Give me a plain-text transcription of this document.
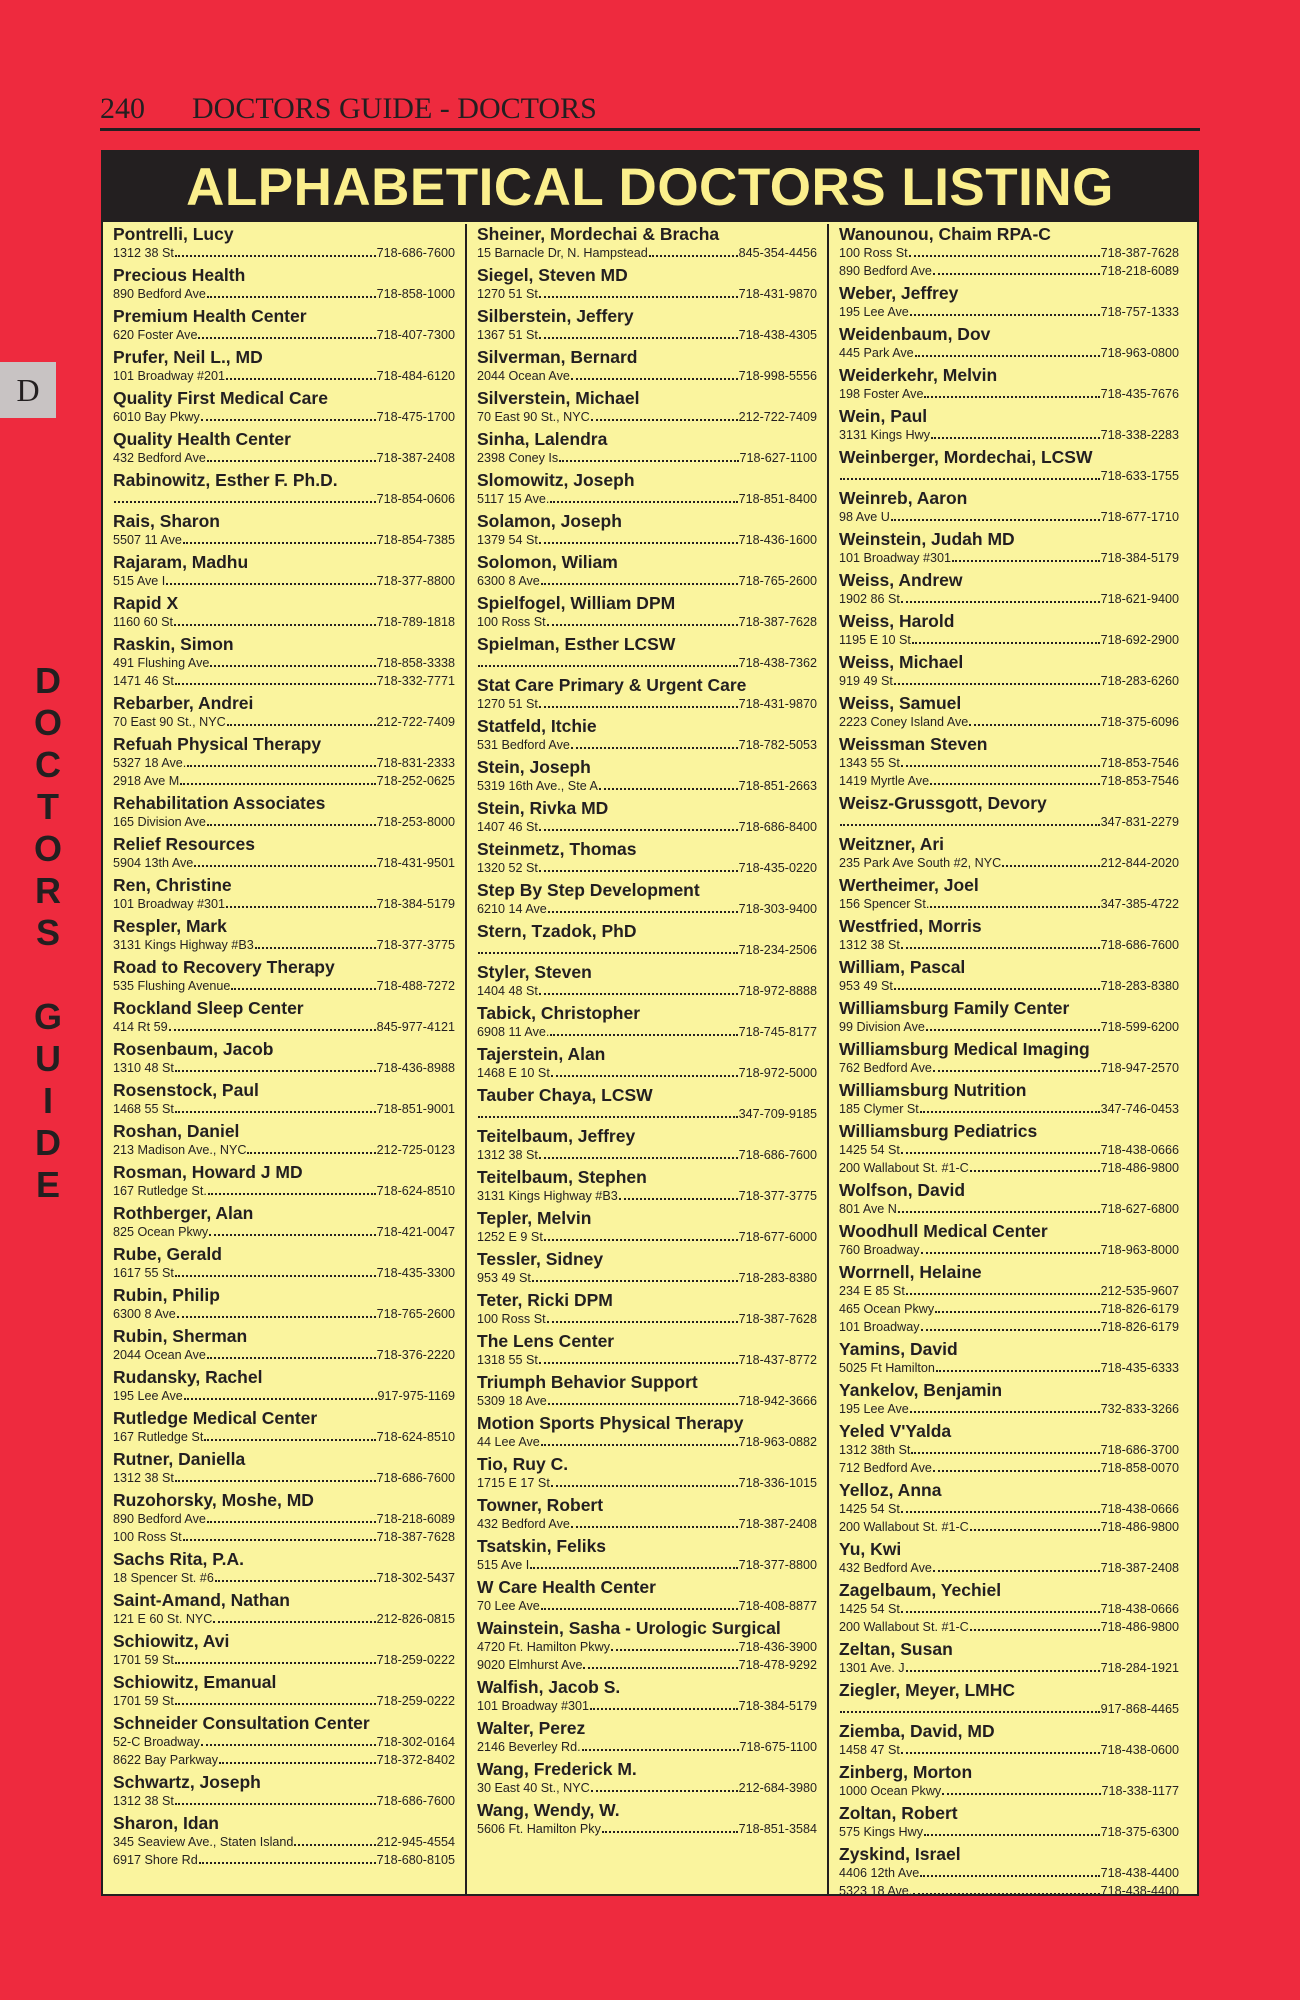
240 DOCTORS GUIDE - DOCTORS
D
D
O
C
T
O
R
S
G
U
I
D
E
ALPHABETICAL DOCTORS LISTING
Pontrelli, Lucy
1312 38 St	718-686-7600
Precious Health
890 Bedford Ave	718-858-1000
Premium Health Center
620 Foster Ave	718-407-7300
Prufer, Neil L., MD
101 Broadway #201	718-484-6120
Quality First Medical Care
6010 Bay Pkwy	718-475-1700
Quality Health Center
432 Bedford Ave	718-387-2408
Rabinowitz, Esther F. Ph.D.
718-854-0606
Rais, Sharon
5507 11 Ave	718-854-7385
Rajaram, Madhu
515 Ave I	718-377-8800
Rapid X
1160 60 St	718-789-1818
Raskin, Simon
491 Flushing Ave	718-858-3338
1471 46 St	718-332-7771
Rebarber, Andrei
70 East 90 St., NYC	212-722-7409
Refuah Physical Therapy
5327 18 Ave.	718-831-2333
2918 Ave M	718-252-0625
Rehabilitation Associates
165 Division Ave	718-253-8000
Relief Resources
5904 13th Ave	718-431-9501
Ren, Christine
101 Broadway #301	718-384-5179
Respler, Mark
3131 Kings Highway #B3	718-377-3775
Road to Recovery Therapy
535 Flushing Avenue	718-488-7272
Rockland Sleep Center
414 Rt 59	845-977-4121
Rosenbaum, Jacob
1310 48 St	718-436-8988
Rosenstock, Paul
1468 55 St	718-851-9001
Roshan, Daniel
213 Madison Ave., NYC	212-725-0123
Rosman, Howard J MD
167 Rutledge St.	718-624-8510
Rothberger, Alan
825 Ocean Pkwy	718-421-0047
Rube, Gerald
1617 55 St	718-435-3300
Rubin, Philip
6300 8 Ave	718-765-2600
Rubin, Sherman
2044 Ocean Ave	718-376-2220
Rudansky, Rachel
195 Lee Ave	917-975-1169
Rutledge Medical Center
167 Rutledge St	718-624-8510
Rutner, Daniella
1312 38 St	718-686-7600
Ruzohorsky, Moshe, MD
890 Bedford Ave	718-218-6089
100 Ross St	718-387-7628
Sachs Rita, P.A.
18 Spencer St. #6	718-302-5437
Saint-Amand, Nathan
121 E 60 St. NYC	212-826-0815
Schiowitz, Avi
1701 59 St	718-259-0222
Schiowitz, Emanual
1701 59 St	718-259-0222
Schneider Consultation Center
52-C Broadway	718-302-0164
8622 Bay Parkway	718-372-8402
Schwartz, Joseph
1312 38 St	718-686-7600
Sharon, Idan
345 Seaview Ave., Staten Island	212-945-4554
6917 Shore Rd	718-680-8105
Sheiner, Mordechai & Bracha
15 Barnacle Dr, N. Hampstead	845-354-4456
Siegel, Steven MD
1270 51 St	718-431-9870
Silberstein, Jeffery
1367 51 St	718-438-4305
Silverman, Bernard
2044 Ocean Ave	718-998-5556
Silverstein, Michael
70 East 90 St., NYC	212-722-7409
Sinha, Lalendra
2398 Coney Is	718-627-1100
Slomowitz, Joseph
5117 15 Ave.	718-851-8400
Solamon, Joseph
1379 54 St	718-436-1600
Solomon, Wiliam
6300 8 Ave	718-765-2600
Spielfogel, William DPM
100 Ross St	718-387-7628
Spielman, Esther LCSW
718-438-7362
Stat Care Primary & Urgent Care
1270 51 St	718-431-9870
Statfeld, Itchie
531 Bedford Ave	718-782-5053
Stein, Joseph
5319 16th Ave., Ste A	718-851-2663
Stein, Rivka MD
1407 46 St	718-686-8400
Steinmetz, Thomas
1320 52 St	718-435-0220
Step By Step Development
6210 14 Ave	718-303-9400
Stern, Tzadok, PhD
718-234-2506
Styler, Steven
1404 48 St	718-972-8888
Tabick, Christopher
6908 11 Ave.	718-745-8177
Tajerstein, Alan
1468 E 10 St	718-972-5000
Tauber Chaya, LCSW
347-709-9185
Teitelbaum, Jeffrey
1312 38 St	718-686-7600
Teitelbaum, Stephen
3131 Kings Highway #B3	718-377-3775
Tepler, Melvin
1252 E 9 St	718-677-6000
Tessler, Sidney
953 49 St	718-283-8380
Teter, Ricki DPM
100 Ross St	718-387-7628
The Lens Center
1318 55 St	718-437-8772
Triumph Behavior Support
5309 18 Ave	718-942-3666
Motion Sports Physical Therapy
44 Lee Ave	718-963-0882
Tio, Ruy C.
1715 E 17 St	718-336-1015
Towner, Robert
432 Bedford Ave	718-387-2408
Tsatskin, Feliks
515 Ave I	718-377-8800
W Care Health Center
70 Lee Ave	718-408-8877
Wainstein, Sasha - Urologic Surgical
4720 Ft. Hamilton Pkwy	718-436-3900
9020 Elmhurst Ave	718-478-9292
Walfish, Jacob S.
101 Broadway #301	718-384-5179
Walter, Perez
2146 Beverley Rd.	718-675-1100
Wang, Frederick M.
30 East 40 St., NYC	212-684-3980
Wang, Wendy, W.
5606 Ft. Hamilton Pky	718-851-3584
Wanounou, Chaim RPA-C
100 Ross St	718-387-7628
890 Bedford Ave	718-218-6089
Weber, Jeffrey
195 Lee Ave	718-757-1333
Weidenbaum, Dov
445 Park Ave	718-963-0800
Weiderkehr, Melvin
198 Foster Ave	718-435-7676
Wein, Paul
3131 Kings Hwy	718-338-2283
Weinberger, Mordechai, LCSW
718-633-1755
Weinreb, Aaron
98 Ave U	718-677-1710
Weinstein, Judah MD
101 Broadway #301	718-384-5179
Weiss, Andrew
1902 86 St	718-621-9400
Weiss, Harold
1195 E 10 St	718-692-2900
Weiss, Michael
919 49 St	718-283-6260
Weiss, Samuel
2223 Coney Island Ave	718-375-6096
Weissman Steven
1343 55 St	718-853-7546
1419 Myrtle Ave	718-853-7546
Weisz-Grussgott, Devory
347-831-2279
Weitzner, Ari
235 Park Ave South #2, NYC	212-844-2020
Wertheimer, Joel
156 Spencer St.	347-385-4722
Westfried, Morris
1312 38 St	718-686-7600
William, Pascal
953 49 St	718-283-8380
Williamsburg Family Center
99 Division Ave	718-599-6200
Williamsburg Medical Imaging
762 Bedford Ave	718-947-2570
Williamsburg Nutrition
185 Clymer St	347-746-0453
Williamsburg Pediatrics
1425 54 St	718-438-0666
200 Wallabout St. #1-C	718-486-9800
Wolfson, David
801 Ave N	718-627-6800
Woodhull Medical Center
760 Broadway	718-963-8000
Worrnell, Helaine
234 E 85 St	212-535-9607
465 Ocean Pkwy	718-826-6179
101 Broadway	718-826-6179
Yamins, David
5025 Ft Hamilton	718-435-6333
Yankelov, Benjamin
195 Lee Ave	732-833-3266
Yeled V'Yalda
1312 38th St	718-686-3700
712 Bedford Ave	718-858-0070
Yelloz, Anna
1425 54 St	718-438-0666
200 Wallabout St. #1-C	718-486-9800
Yu, Kwi
432 Bedford Ave	718-387-2408
Zagelbaum, Yechiel
1425 54 St	718-438-0666
200 Wallabout St. #1-C	718-486-9800
Zeltan, Susan
1301 Ave. J	718-284-1921
Ziegler, Meyer, LMHC
917-868-4465
Ziemba, David, MD
1458 47 St	718-438-0600
Zinberg, Morton
1000 Ocean Pkwy	718-338-1177
Zoltan, Robert
575 Kings Hwy	718-375-6300
Zyskind, Israel
4406 12th Ave	718-438-4400
5323 18 Ave.	718-438-4400
